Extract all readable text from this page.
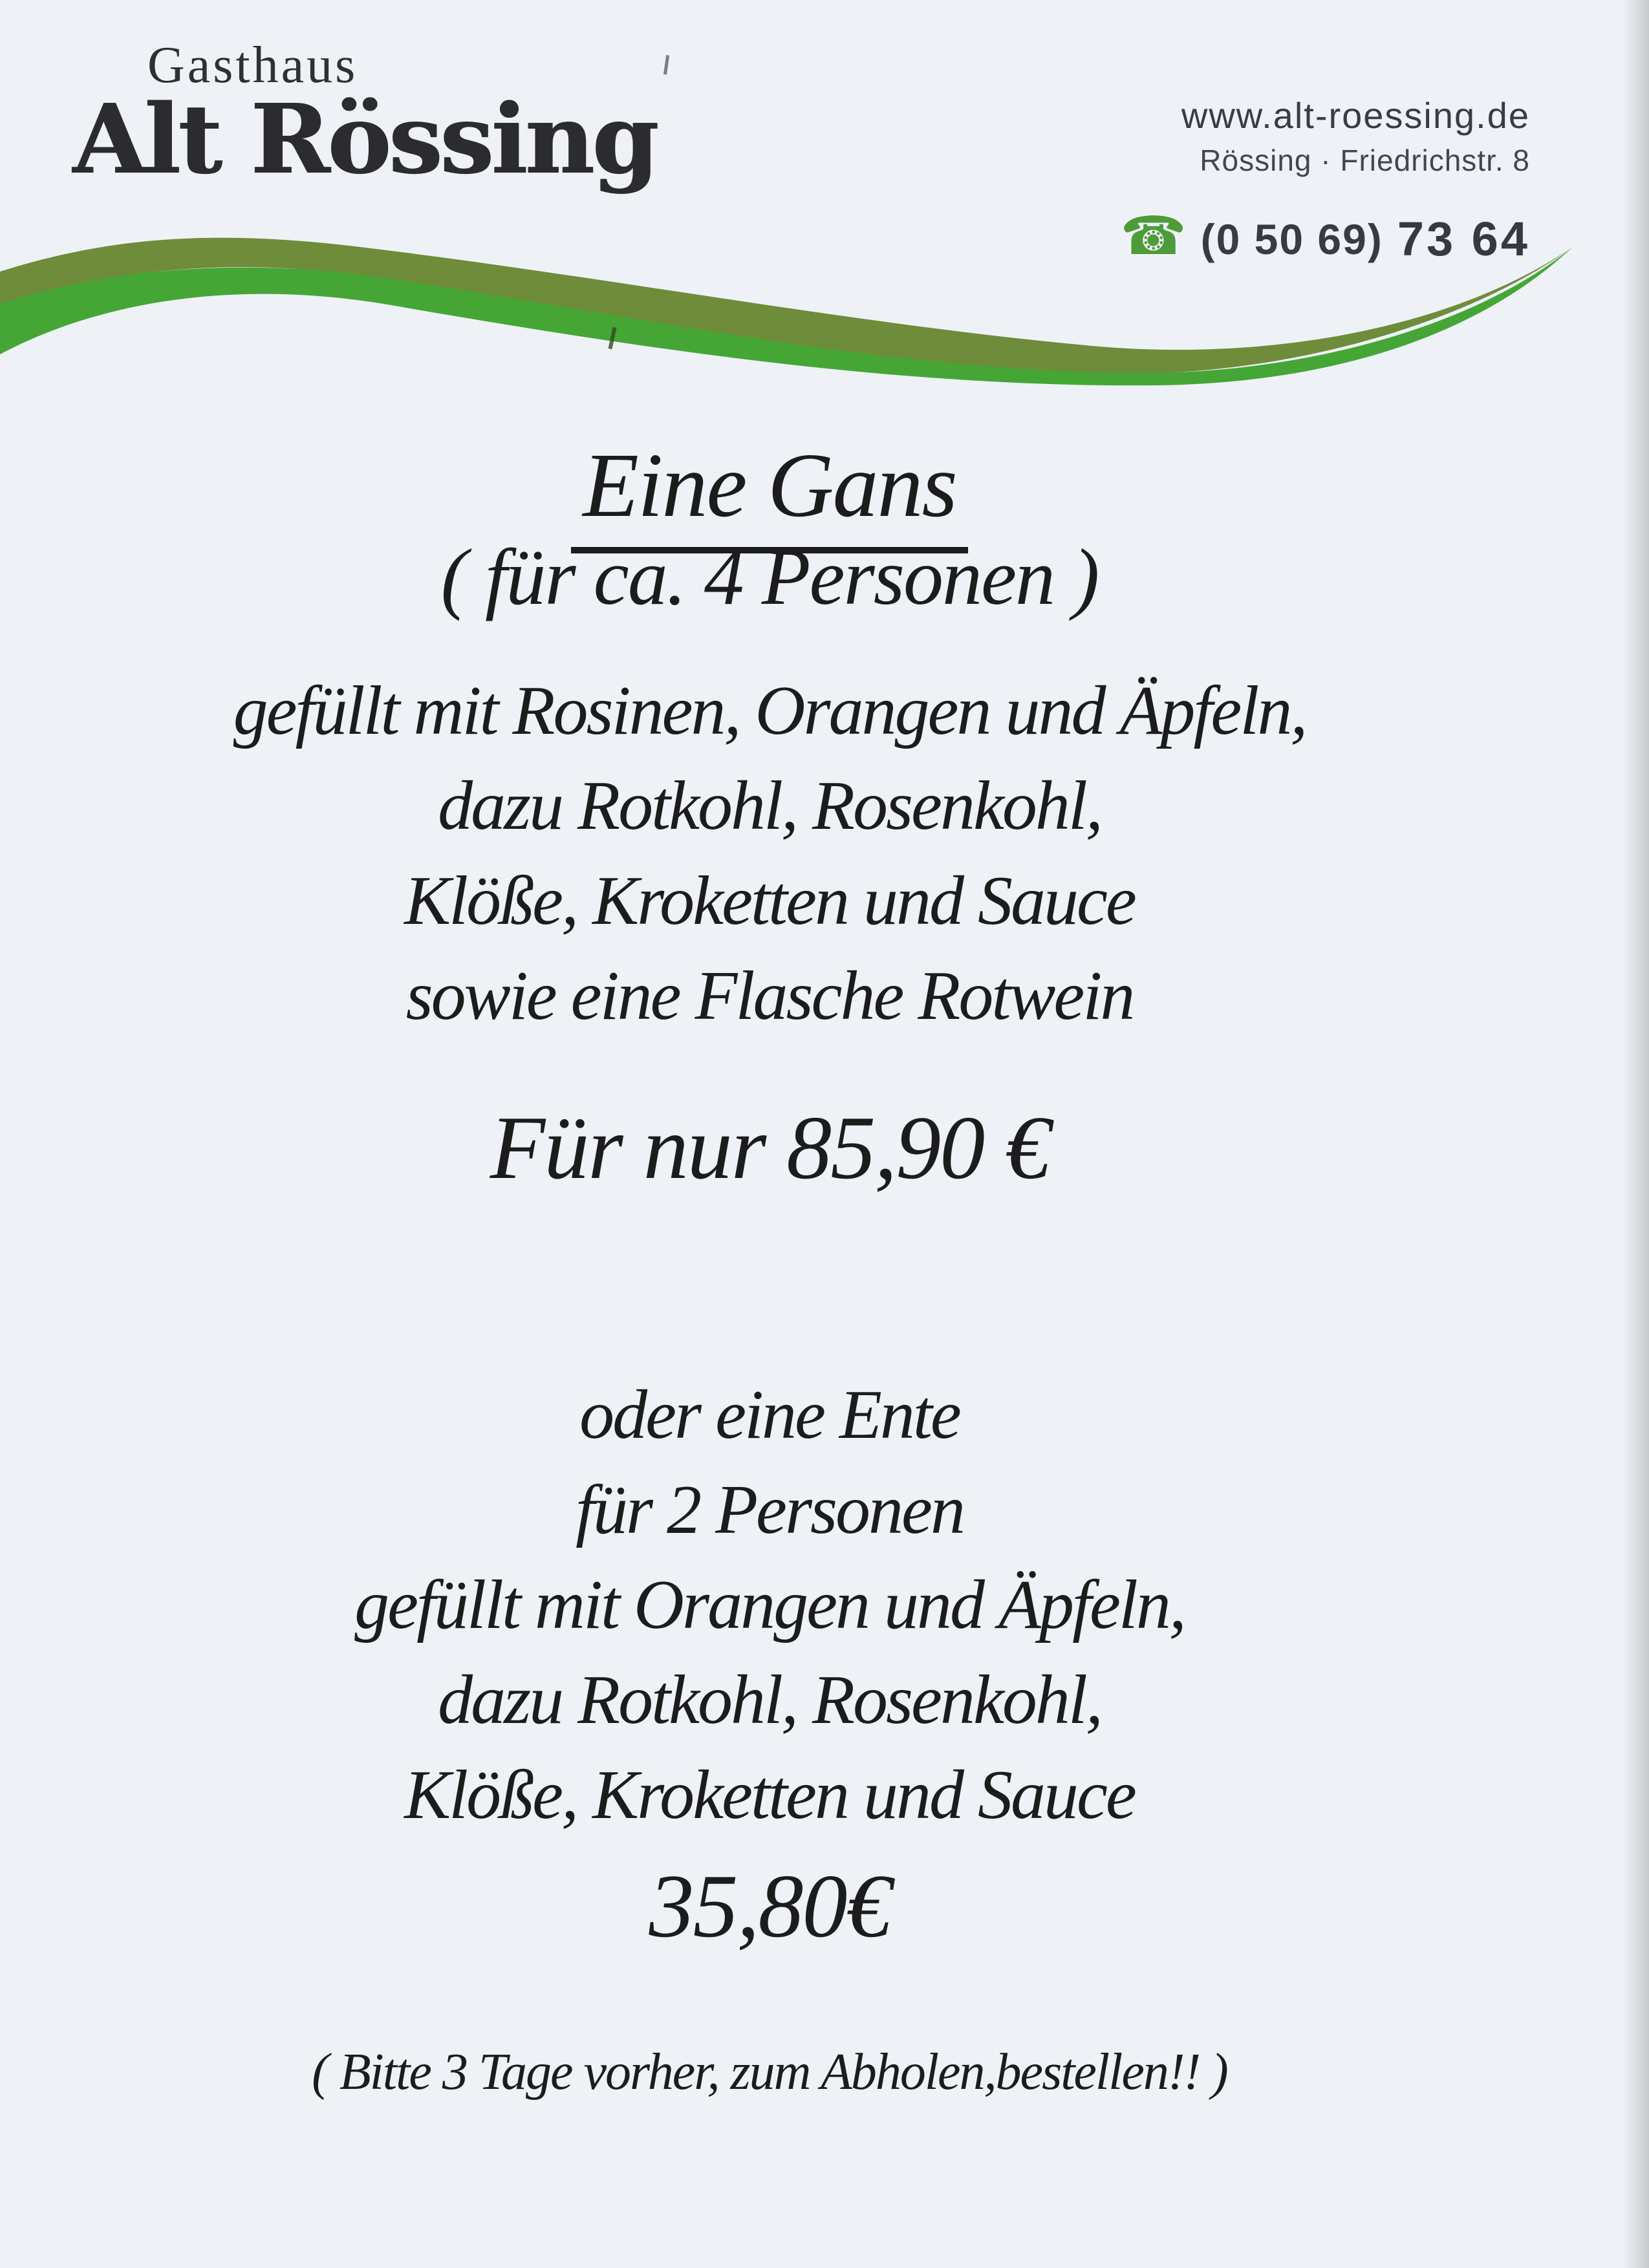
Gasthaus
Alt Rössing	www.alt-roessing.de
Rössing · Friedrichstr. 8
☎ (0 50 69) 73 64
Eine Gans
( für ca. 4 Personen )
gefüllt mit Rosinen, Orangen und Äpfeln,
dazu Rotkohl, Rosenkohl,
Klöße, Kroketten und Sauce
sowie eine Flasche Rotwein
Für nur 85,90 €
oder eine Ente
für 2 Personen
gefüllt mit Orangen und Äpfeln,
dazu Rotkohl, Rosenkohl,
Klöße, Kroketten und Sauce
35,80€
( Bitte 3 Tage vorher, zum Abholen,bestellen!! )
